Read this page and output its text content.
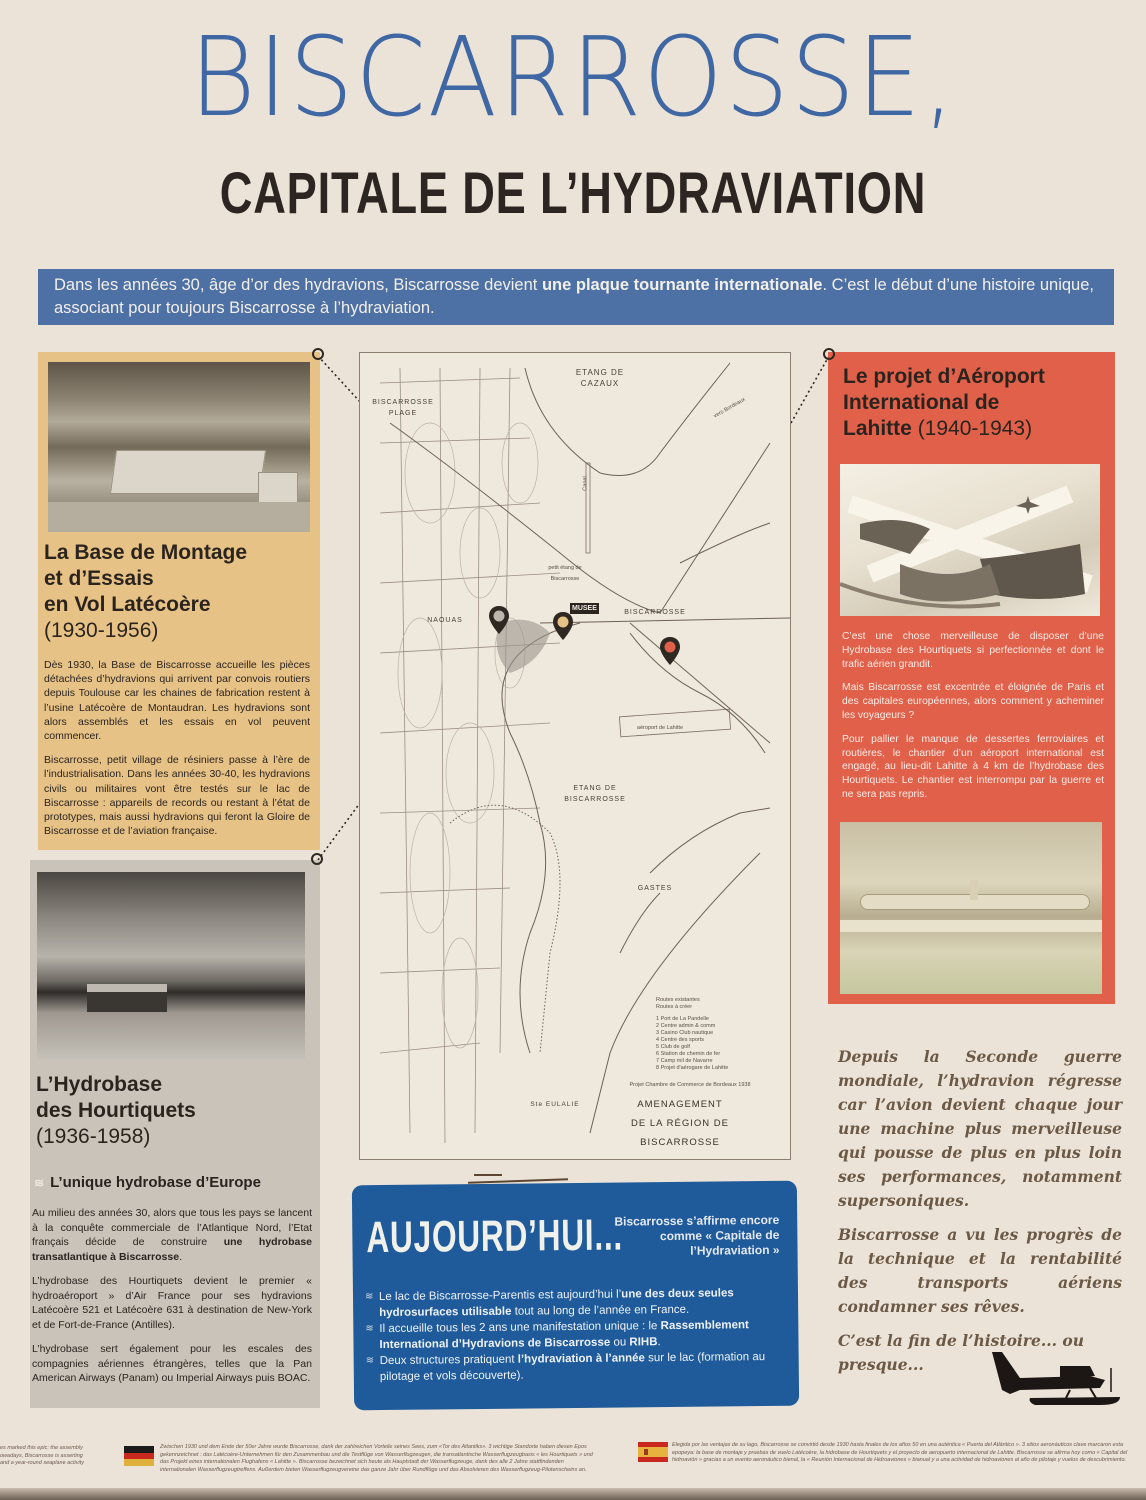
BISCARROSSE,
CAPITALE DE L’HYDRAVIATION
Dans les années 30, âge d’or des hydravions, Biscarrosse devient une plaque tournante internationale. C’est le début d’une histoire unique, associant pour toujours Biscarrosse à l’hydraviation.
La Base de Montage
et d’Essais
en Vol Latécoère
(1930-1956)

Dès 1930, la Base de Biscarrosse accueille les pièces détachées d’hydravions qui arrivent par convois routiers depuis Toulouse car les chaines de fabrication restent à l’usine Latécoère de Montaudran. Les hydravions sont alors assemblés et les essais en vol peuvent commencer.

Biscarrosse, petit village de résiniers passe à l’ère de l’industrialisation. Dans les années 30-40, les hydravions civils ou militaires vont être testés sur le lac de Biscarrosse : appareils de records ou restant à l’état de prototypes, mais aussi hydravions qui feront la Gloire de Biscarrosse et de l’aviation française.

L’Hydrobase
des Hourtiquets
(1936-1958)
≋ L’unique hydrobase d’Europe

Au milieu des années 30, alors que tous les pays se lancent à la conquête commerciale de l’Atlantique Nord, l’Etat français décide de construire une hydrobase transatlantique à Biscarrosse.

L’hydrobase des Hourtiquets devient le premier « hydroaéroport » d’Air France pour ses hydravions Latécoère 521 et Latécoère 631 à destination de New-York et de Fort-de-France (Antilles).

L’hydrobase sert également pour les escales des compagnies aériennes étrangères, telles que la Pan American Airways (Panam) ou Imperial Airways puis BOAC.

Le projet d’Aéroport
International de
Lahitte (1940-1943)

C’est une chose merveilleuse de disposer d’une Hydrobase des Hourtiquets si perfectionnée et dont le trafic aérien grandit.

Mais Biscarrosse est excentrée et éloignée de Paris et des capitales européennes, alors comment y acheminer les voyageurs ?

Pour pallier le manque de dessertes ferroviaires et routières, le chantier d’un aéroport international est engagé, au lieu-dit Lahitte à 4 km de l’hydrobase des Hourtiquets. Le chantier est interrompu par la guerre et ne sera pas repris.

ETANG DE CAZAUX
BISCARROSSE PLAGE	vers Bordeaux
Canal
petit étang de Biscarrosse
BISCARROSSE
NAOUAS
MUSEE
aéroport de Lahitte
ETANG DE BISCARROSSE
GASTES
Ste EULALIE
Routes existantes
Routes à créer
1 Port de La Pandelle
2 Centre admin & comm
3 Casino Club nautique
4 Centre des sports
5 Club de golf
6 Station de chemin de fer
7 Camp mil de Navarre
8 Projet d'aérogare de Lahitte
Projet Chambre de Commerce de Bordeaux 1938
AMENAGEMENT
DE LA RÉGION DE
BISCARROSSE
AUJOURD’HUI...
Biscarrosse s’affirme encore comme « Capitale de l’Hydraviation »
≋ Le lac de Biscarrosse-Parentis est aujourd’hui l’une des deux seules hydrosurfaces utilisable tout au long de l’année en France.
≋ Il accueille tous les 2 ans une manifestation unique : le Rassemblement International d’Hydravions de Biscarrosse ou RIHB.
≋ Deux structures pratiquent l’hydraviation à l’année sur le lac (formation au pilotage et vols découverte).

Depuis la Seconde guerre mondiale, l’hydravion régresse car l’avion devient chaque jour une machine plus merveilleuse qui pousse de plus en plus loin ses performances, notamment supersoniques.

Biscarrosse a vu les progrès de la technique et la rentabilité des transports aériens condamner ses rêves.

C’est la fin de l’histoire... ou presque...

es marked this epic: the assembly
owadays, Biscarrosse is asserting
and a year-round seaplane activity
Zwischen 1930 und dem Ende der 50er Jahre wurde Biscarrosse, dank der zahlreichen Vorteile seines Sees, zum «Tor des Atlantiks». 3 wichtige Standorte haben diesen Epos gekennzeichnet : das Latécoère-Unternehmen für den Zusammenbau und die Testflüge von Wasserflugzeugen, die transatlantische Wasserflugzeugbasis « les Hourtiquets » und das Projekt eines internationalen Flughafens « Lahitte ». Biscarrosse bezeichnet sich heute als Hauptstadt der Wasserflugzeuge, dank des alle 2 Jahre stattfindenden internationalen Wasserflugzeugtreffens. Außerdem bieten Wasserflugzeugvereine das ganze Jahr über Rundflüge und das Absolvieren des Wasserflugzeug-Pilotenscheins an.
Elegida por las ventajas de su lago, Biscarrosse se convirtió desde 1930 hasta finales de los años 50 en una auténtica « Puerta del Atlántico ». 3 sitios aeronáuticos clave marcaron esta epopeya: la base de montaje y pruebas de vuelo Latécoère, la hidrobase de Hourtiquets y el proyecto de aeropuerto internacional de Lahitte. Biscarrosse se afirma hoy como « Capital del hidroavión » gracias a un evento aeronáutico bienal, la « Reunión Internacional de Hidroaviones » bianual y a una actividad de hidroaviones al año de pilotaje y vuelos de descubrimiento.
